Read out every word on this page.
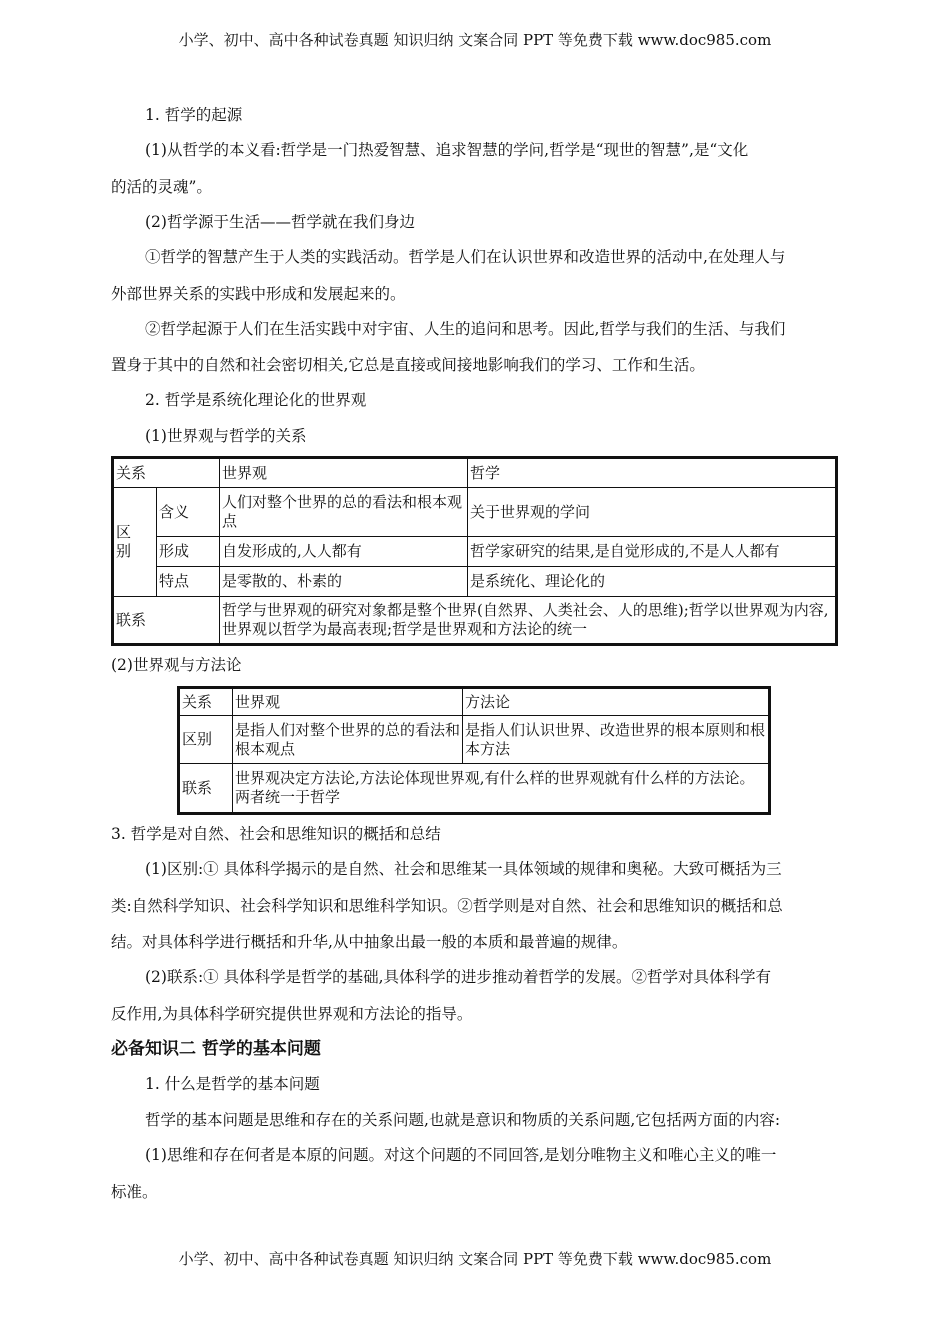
小学、初中、高中各种试卷真题 知识归纳 文案合同 PPT 等免费下载 www.doc985.com
1. 哲学的起源
(1)从哲学的本义看:哲学是一门热爱智慧、追求智慧的学问,哲学是“现世的智慧”,是“文化
的活的灵魂”。
(2)哲学源于生活——哲学就在我们身边
①哲学的智慧产生于人类的实践活动。哲学是人们在认识世界和改造世界的活动中,在处理人与
外部世界关系的实践中形成和发展起来的。
②哲学起源于人们在生活实践中对宇宙、人生的追问和思考。因此,哲学与我们的生活、与我们
置身于其中的自然和社会密切相关,它总是直接或间接地影响我们的学习、工作和生活。
2. 哲学是系统化理论化的世界观
(1)世界观与哲学的关系
关系		世界观	哲学
区
别	含义	人们对整个世界的总的看法和根本观点	关于世界观的学问
	形成	自发形成的,人人都有	哲学家研究的结果,是自觉形成的,不是人人都有
	特点	是零散的、朴素的	是系统化、理论化的
联系		哲学与世界观的研究对象都是整个世界(自然界、人类社会、人的思维);哲学以世界观为内容,世界观以哲学为最高表现;哲学是世界观和方法论的统一	
(2)世界观与方法论
关系	世界观	方法论
区别	是指人们对整个世界的总的看法和根本观点	是指人们认识世界、改造世界的根本原则和根本方法
联系	世界观决定方法论,方法论体现世界观,有什么样的世界观就有什么样的方法论。两者统一于哲学	
3. 哲学是对自然、社会和思维知识的概括和总结
(1)区别:① 具体科学揭示的是自然、社会和思维某一具体领域的规律和奥秘。大致可概括为三
类:自然科学知识、社会科学知识和思维科学知识。②哲学则是对自然、社会和思维知识的概括和总
结。对具体科学进行概括和升华,从中抽象出最一般的本质和最普遍的规律。
(2)联系:① 具体科学是哲学的基础,具体科学的进步推动着哲学的发展。②哲学对具体科学有
反作用,为具体科学研究提供世界观和方法论的指导。
必备知识二 哲学的基本问题
1. 什么是哲学的基本问题
哲学的基本问题是思维和存在的关系问题,也就是意识和物质的关系问题,它包括两方面的内容:
(1)思维和存在何者是本原的问题。对这个问题的不同回答,是划分唯物主义和唯心主义的唯一
标准。
小学、初中、高中各种试卷真题 知识归纳 文案合同 PPT 等免费下载 www.doc985.com
